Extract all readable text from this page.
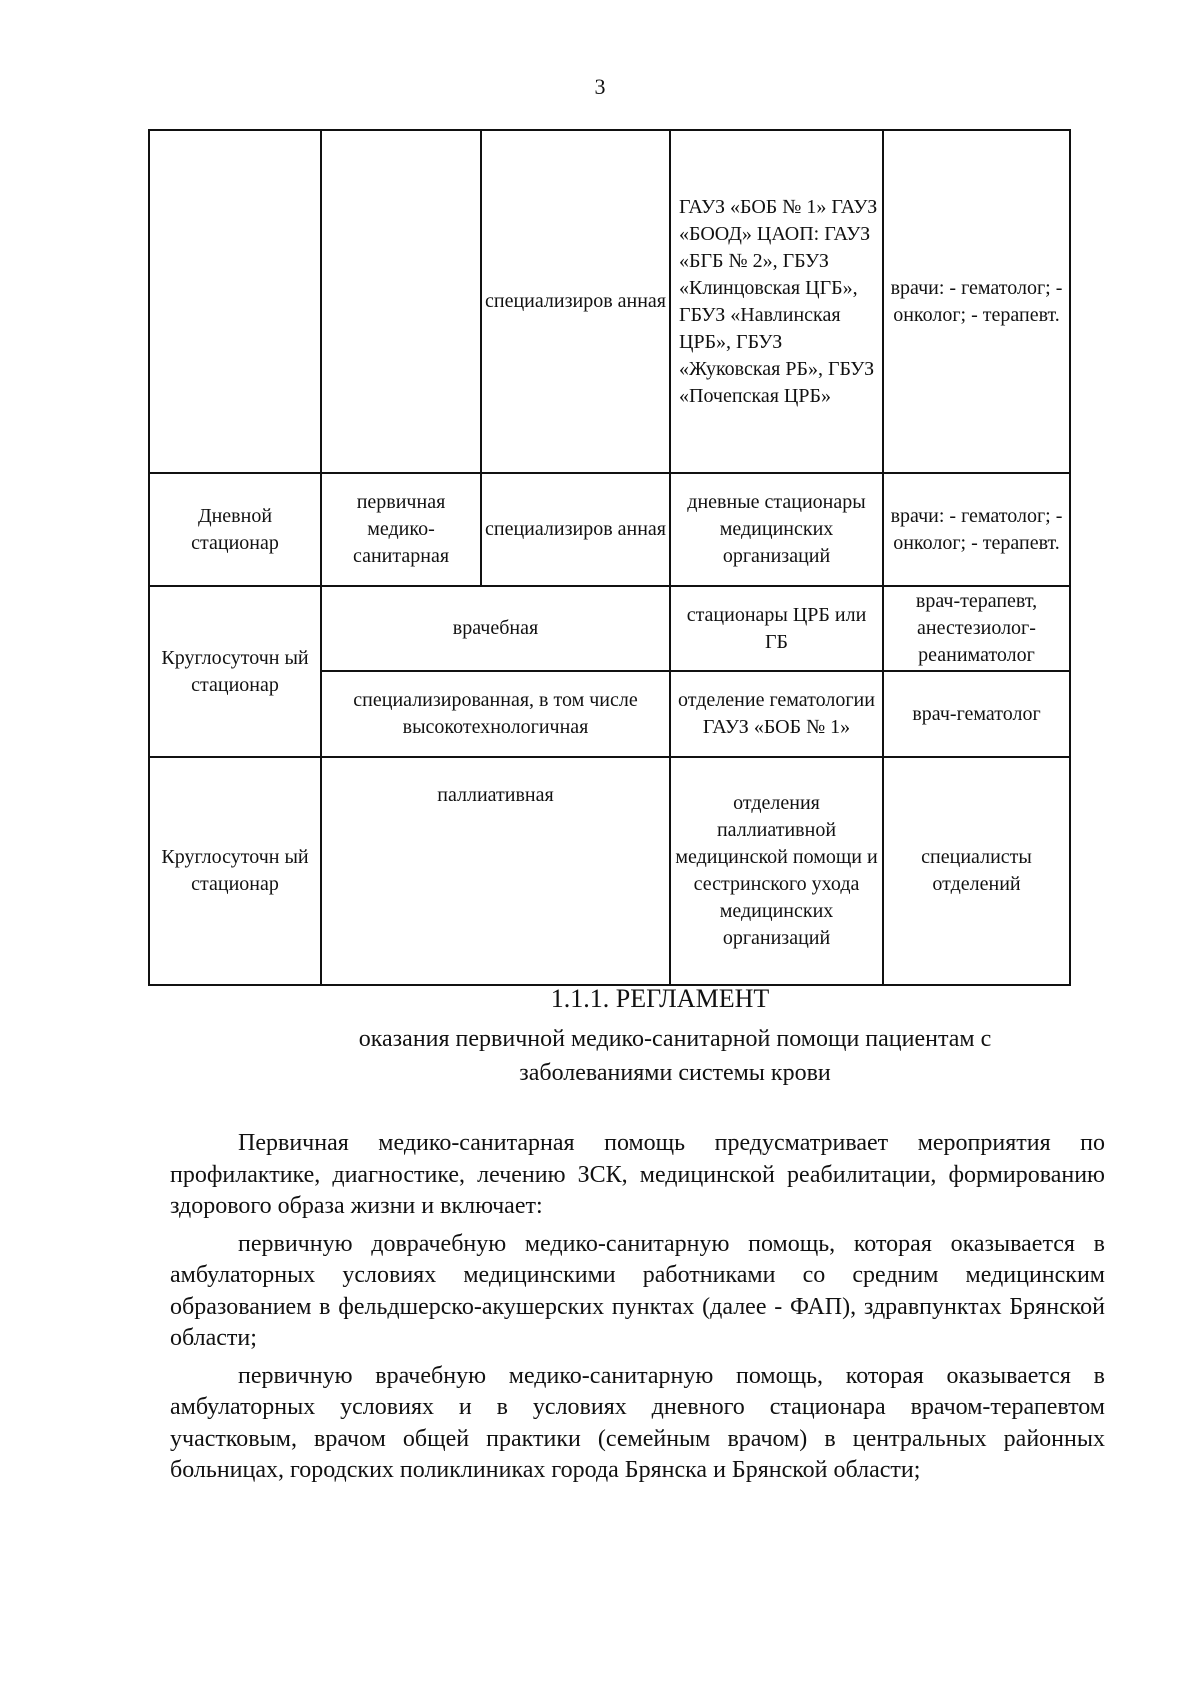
3
		специализиров анная	ГАУЗ «БОБ № 1» ГАУЗ «БООД» ЦАОП: ГАУЗ «БГБ № 2», ГБУЗ «Клинцовская ЦГБ», ГБУЗ «Навлинская ЦРБ», ГБУЗ «Жуковская РБ», ГБУЗ «Почепская ЦРБ»	врачи: - гематолог; - онколог; - терапевт.
Дневной стационар	первичная медико-санитарная	специализиров анная	дневные стационары медицинских организаций	врачи: - гематолог; - онколог; - терапевт.
Круглосуточн ый стационар	врачебная		стационары ЦРБ или ГБ	врач-терапевт, анестезиолог-реаниматолог
	специализированная, в том числе высокотехнологичная		отделение гематологии ГАУЗ «БОБ № 1»	врач-гематолог
Круглосуточн ый стационар	паллиативная		отделения паллиативной медицинской помощи и сестринского ухода медицинских организаций	специалисты отделений
1.1.1. РЕГЛАМЕНТ
оказания первичной медико-санитарной помощи пациентам с заболеваниями системы крови

Первичная медико-санитарная помощь предусматривает мероприятия по профилактике, диагностике, лечению ЗСК, медицинской реабилитации, формированию здорового образа жизни и включает:

первичную доврачебную медико-санитарную помощь, которая оказывается в амбулаторных условиях медицинскими работниками со средним медицинским образованием в фельдшерско-акушерских пунктах (далее - ФАП), здравпунктах Брянской области;

первичную врачебную медико-санитарную помощь, которая оказывается в амбулаторных условиях и в условиях дневного стационара врачом-терапевтом участковым, врачом общей практики (семейным врачом) в центральных районных больницах, городских поликлиниках города Брянска и Брянской области;
